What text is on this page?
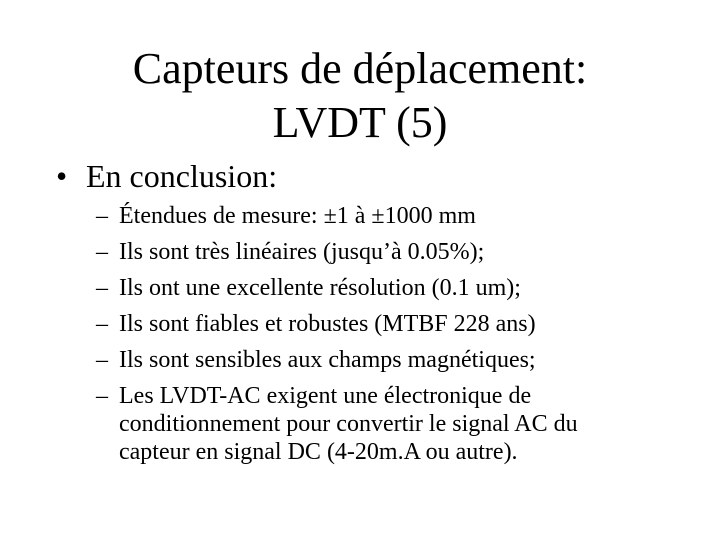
Capteurs de déplacement:
LVDT (5)
• En conclusion:
– Étendues de mesure: ±1 à ±1000 mm
– Ils sont très linéaires (jusqu’à 0.05%);
– Ils ont une excellente résolution (0.1 um);
– Ils sont fiables et robustes (MTBF 228 ans)
– Ils sont sensibles aux champs magnétiques;
– Les LVDT-AC exigent une électronique de
conditionnement pour convertir le signal AC du
capteur en signal DC (4-20m.A ou autre).
